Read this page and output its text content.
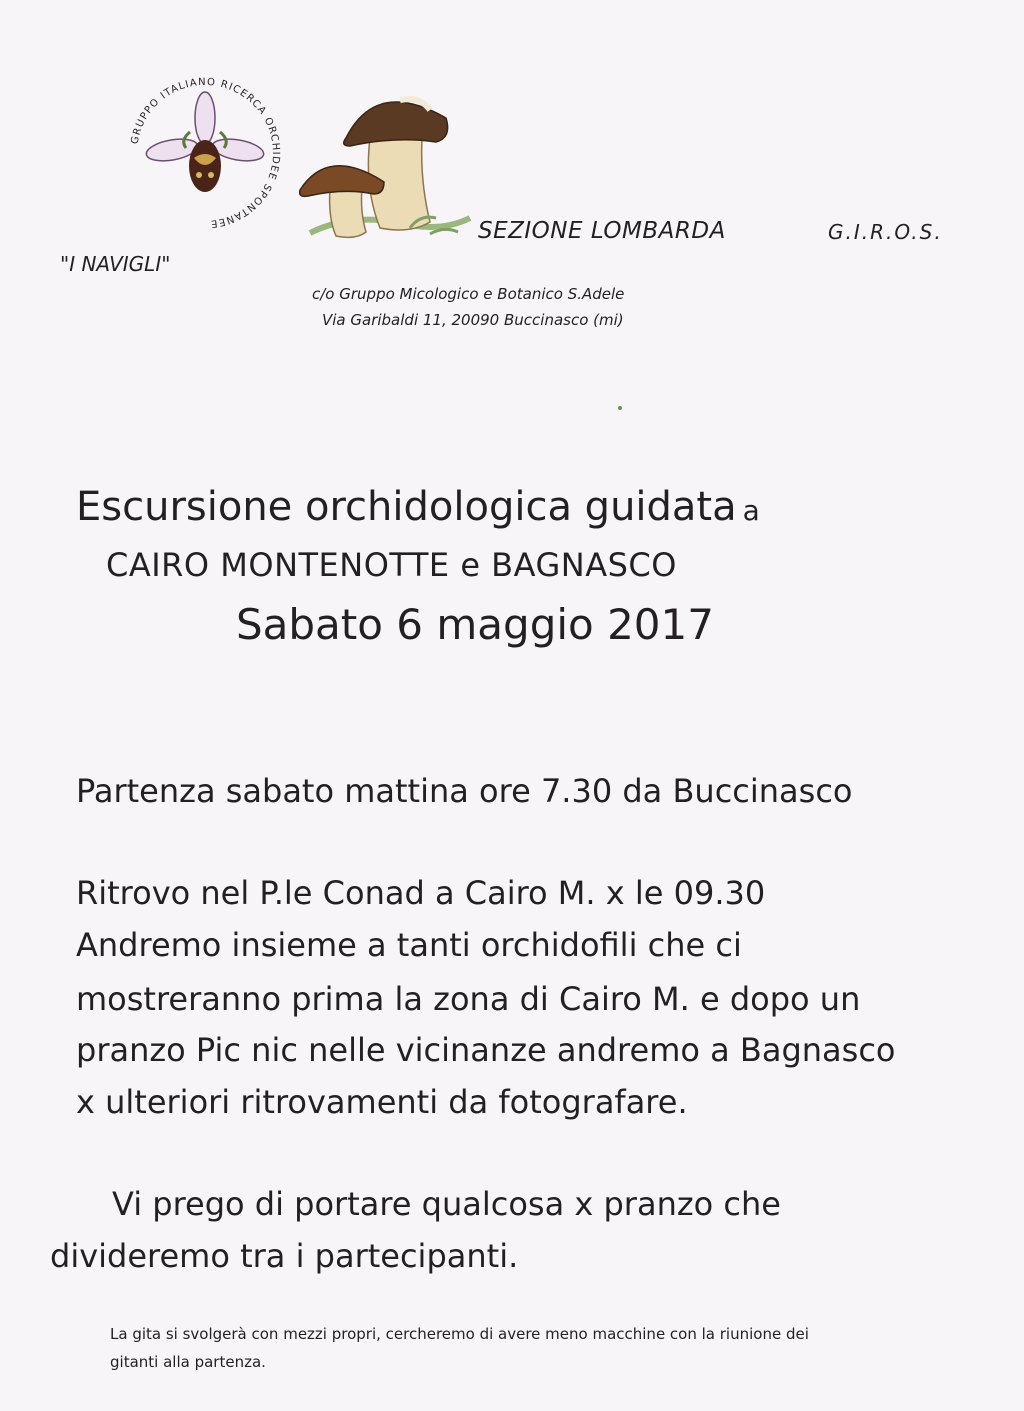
GRUPPO ITALIANO RICERCA ORCHIDEE SPONTANEE	SEZIONE LOMBARDA	G.I.R.O.S.
"I NAVIGLI"
c/o Gruppo Micologico e Botanico S.Adele
Via Garibaldi 11, 20090 Buccinasco (mi)
Escursione orchidologica guidata a
CAIRO MONTENOTTE e BAGNASCO
Sabato 6 maggio 2017
Partenza sabato mattina ore 7.30 da Buccinasco
Ritrovo nel P.le Conad a Cairo M. x le 09.30
Andremo insieme a tanti orchidofili che ci
mostreranno prima la zona di Cairo M. e dopo un
pranzo Pic nic nelle vicinanze andremo a Bagnasco
x ulteriori ritrovamenti da fotografare.
Vi prego di portare qualcosa x pranzo che
divideremo tra i partecipanti.
La gita si svolgerà con mezzi propri, cercheremo di avere meno macchine con la riunione dei
gitanti alla partenza.
